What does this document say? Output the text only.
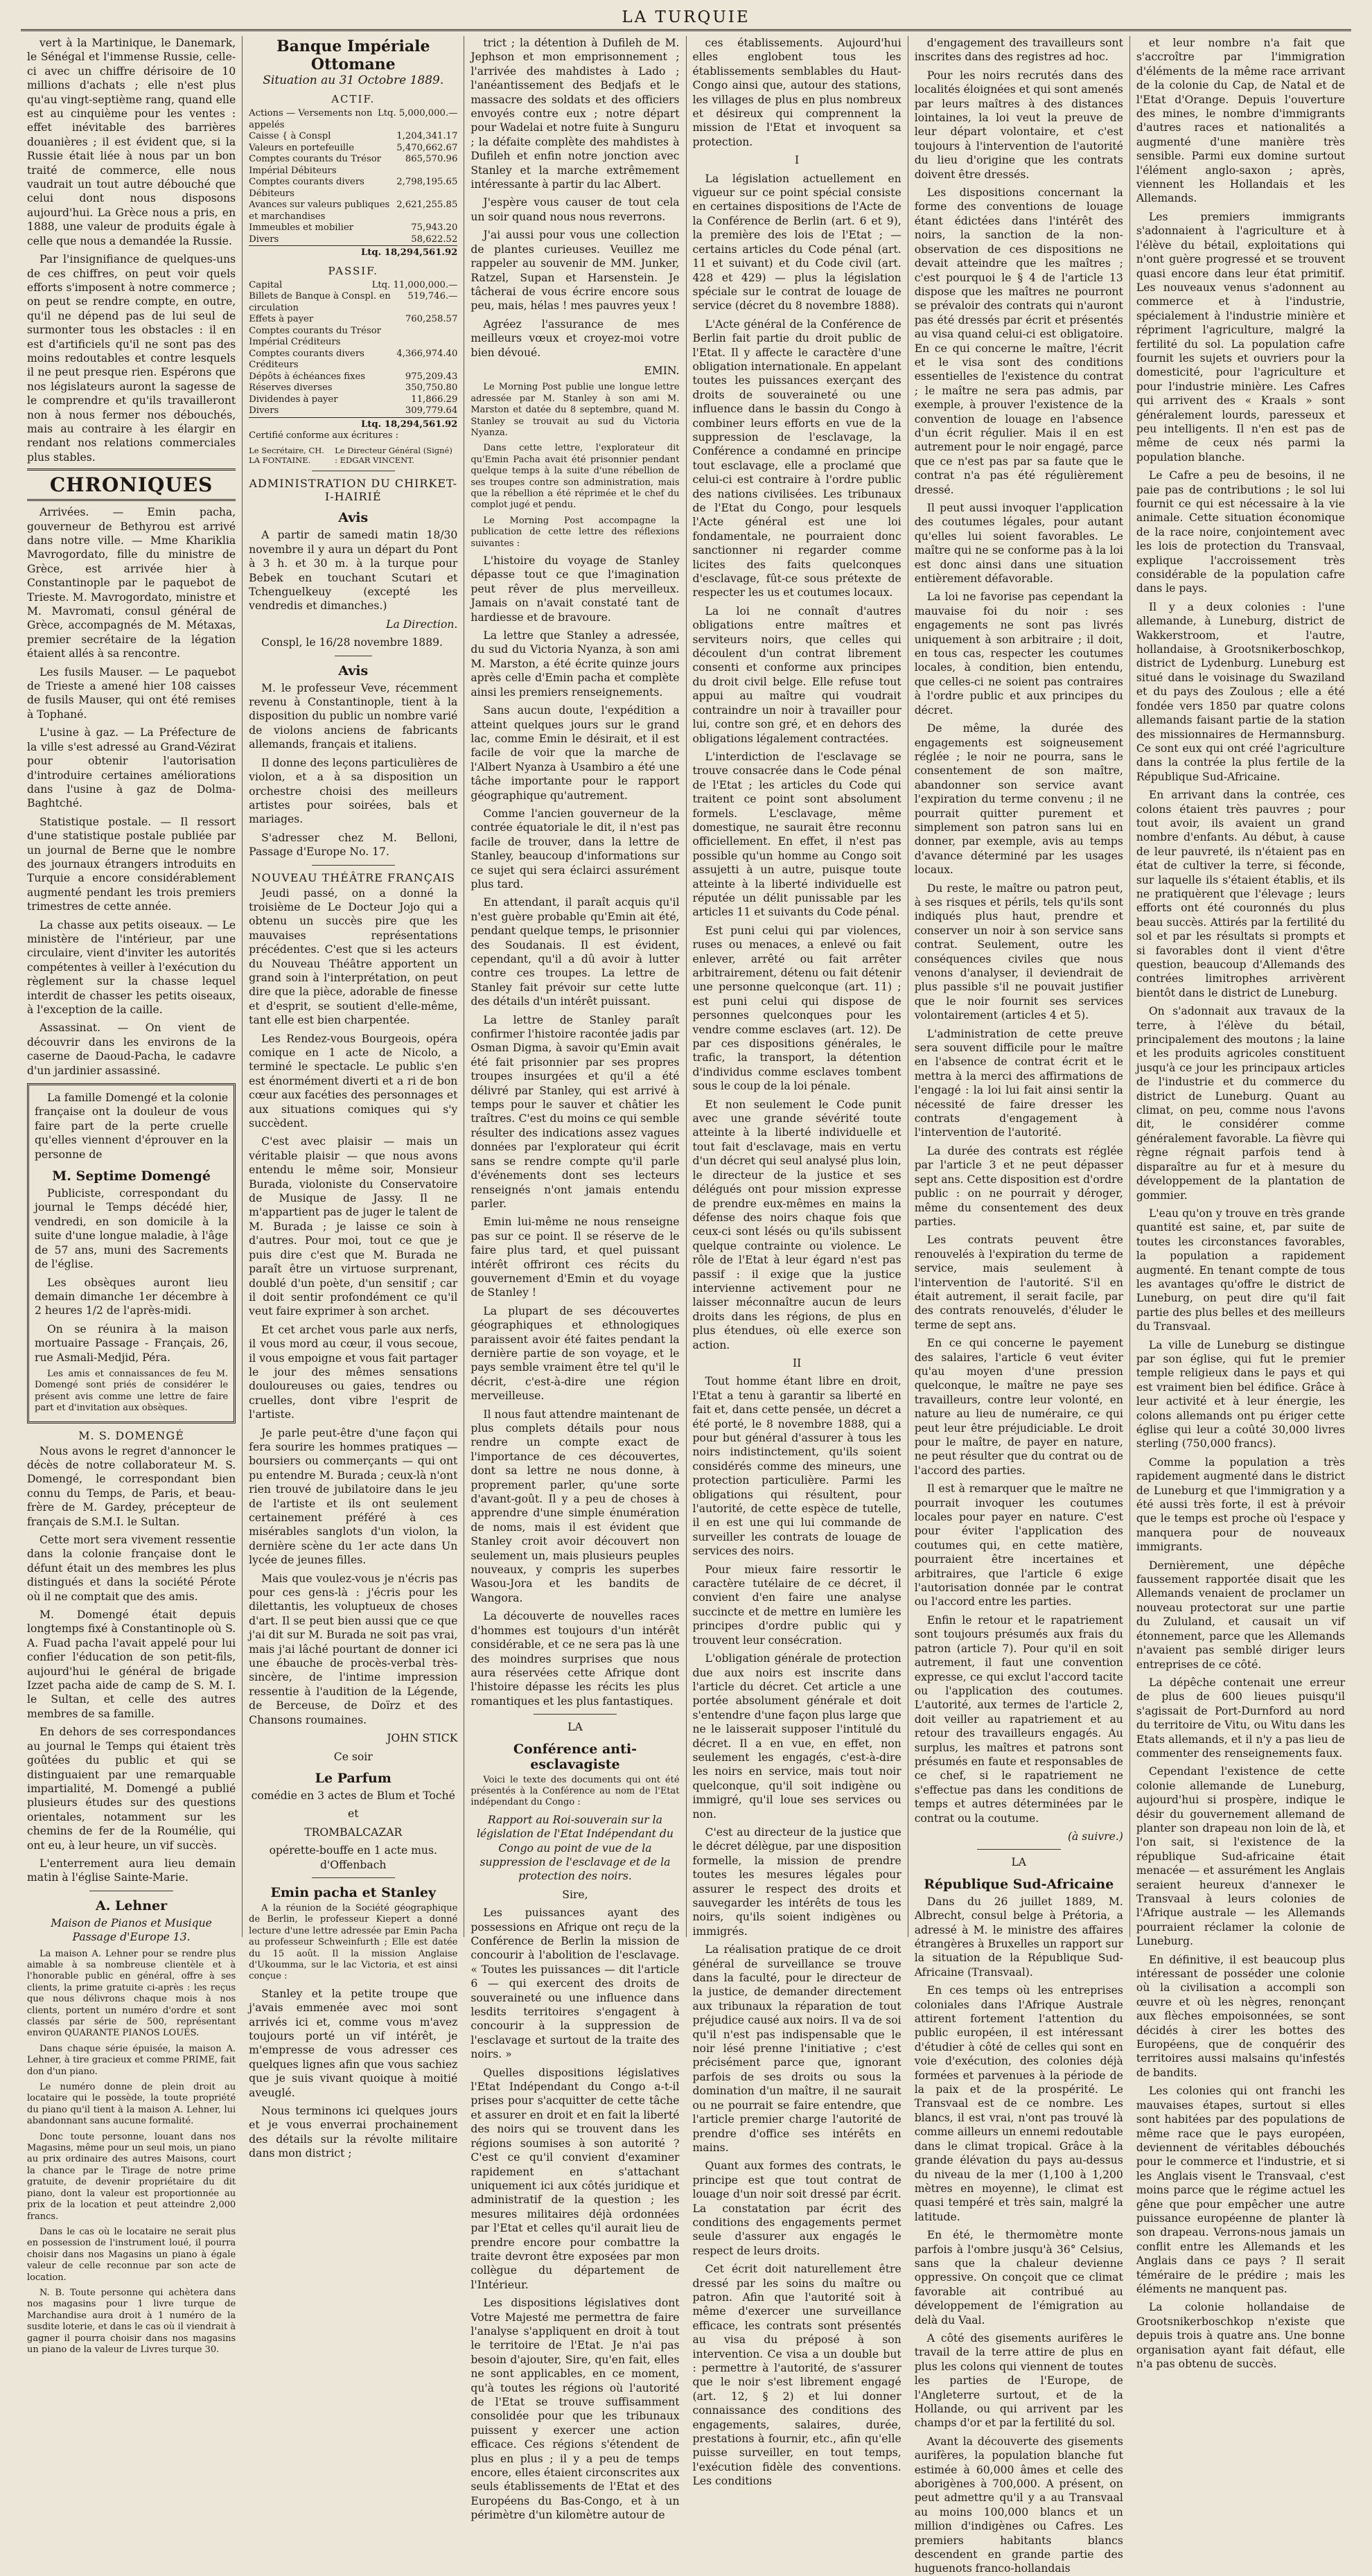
LA TURQUIE

vert à la Martinique, le Danemark, le Sénégal et l'immense Russie, celle-ci avec un chiffre dérisoire de 10 millions d'achats ; elle n'est plus qu'au vingt-septième rang, quand elle est au cinquième pour les ventes : effet inévitable des barrières douanières ; il est évident que, si la Russie était liée à nous par un bon traité de commerce, elle nous vaudrait un tout autre débouché que celui dont nous disposons aujourd'hui. La Grèce nous a pris, en 1888, une valeur de produits égale à celle que nous a demandée la Russie.

Par l'insignifiance de quelques-uns de ces chiffres, on peut voir quels efforts s'imposent à notre commerce ; on peut se rendre compte, en outre, qu'il ne dépend pas de lui seul de surmonter tous les obstacles : il en est d'artificiels qu'il ne sont pas des moins redoutables et contre lesquels il ne peut presque rien. Espérons que nos législateurs auront la sagesse de le comprendre et qu'ils travailleront non à nous fermer nos débouchés, mais au contraire à les élargir en rendant nos relations commerciales plus stables.

CHRONIQUES

Arrivées. — Emin pacha, gouverneur de Bethyrou est arrivé dans notre ville. — Mme Khariklia Mavrogordato, fille du ministre de Grèce, est arrivée hier à Constantinople par le paquebot de Trieste. M. Mavrogordato, ministre et M. Mavromati, consul général de Grèce, accompagnés de M. Métaxas, premier secrétaire de la légation étaient allés à sa rencontre.

Les fusils Mauser. — Le paquebot de Trieste a amené hier 108 caisses de fusils Mauser, qui ont été remises à Tophané.

L'usine à gaz. — La Préfecture de la ville s'est adressé au Grand-Vézirat pour obtenir l'autorisation d'introduire certaines améliorations dans l'usine à gaz de Dolma-Baghtché.

Statistique postale. — Il ressort d'une statistique postale publiée par un journal de Berne que le nombre des journaux étrangers introduits en Turquie a encore considérablement augmenté pendant les trois premiers trimestres de cette année.

La chasse aux petits oiseaux. — Le ministère de l'intérieur, par une circulaire, vient d'inviter les autorités compétentes à veiller à l'exécution du règlement sur la chasse lequel interdit de chasser les petits oiseaux, à l'exception de la caille.

Assassinat. — On vient de découvrir dans les environs de la caserne de Daoud-Pacha, le cadavre d'un jardinier assassiné.

La famille Domengé et la colonie française ont la douleur de vous faire part de la perte cruelle qu'elles viennent d'éprouver en la personne de

M. Septime Domengé

Publiciste, correspondant du journal le Temps décédé hier, vendredi, en son domicile à la suite d'une longue maladie, à l'âge de 57 ans, muni des Sacrements de l'église.

Les obsèques auront lieu demain dimanche 1er décembre à 2 heures 1/2 de l'après-midi.

On se réunira à la maison mortuaire Passage - Français, 26, rue Asmali-Medjid, Péra.

Les amis et connaissances de feu M. Domengé sont priés de considérer le présent avis comme une lettre de faire part et d'invitation aux obsèques.

M. S. DOMENGÉ

Nous avons le regret d'annoncer le décès de notre collaborateur M. S. Domengé, le correspondant bien connu du Temps, de Paris, et beau-frère de M. Gardey, précepteur de français de S.M.I. le Sultan.

Cette mort sera vivement ressentie dans la colonie française dont le défunt était un des membres les plus distingués et dans la société Pérote où il ne comptait que des amis.

M. Domengé était depuis longtemps fixé à Constantinople où S. A. Fuad pacha l'avait appelé pour lui confier l'éducation de son petit-fils, aujourd'hui le général de brigade Izzet pacha aide de camp de S. M. I. le Sultan, et celle des autres membres de sa famille.

En dehors de ses correspondances au journal le Temps qui étaient très goûtées du public et qui se distinguaient par une remarquable impartialité, M. Domengé a publié plusieurs études sur des questions orientales, notamment sur les chemins de fer de la Roumélie, qui ont eu, à leur heure, un vif succès.

L'enterrement aura lieu demain matin à l'église Sainte-Marie.

A. Lehner

Maison de Pianos et Musique Passage d'Europe 13.

La maison A. Lehner pour se rendre plus aimable à sa nombreuse clientèle et à l'honorable public en général, offre à ses clients, la prime gratuite ci-après : les reçus que nous délivrons chaque mois à nos clients, portent un numéro d'ordre et sont classés par série de 500, représentant environ QUARANTE PIANOS LOUÉS.

Dans chaque série épuisée, la maison A. Lehner, à tire gracieux et comme PRIME, fait don d'un piano.

Le numéro donne de plein droit au locataire qui le possède, la toute propriété du piano qu'il tient à la maison A. Lehner, lui abandonnant sans aucune formalité.

Donc toute personne, louant dans nos Magasins, même pour un seul mois, un piano au prix ordinaire des autres Maisons, court la chance par le Tirage de notre prime gratuite, de devenir propriétaire du dit piano, dont la valeur est proportionnée au prix de la location et peut atteindre 2,000 francs.

Dans le cas où le locataire ne serait plus en possession de l'instrument loué, il pourra choisir dans nos Magasins un piano à égale valeur de celle reconnue par son acte de location.

N. B. Toute personne qui achètera dans nos magasins pour 1 livre turque de Marchandise aura droit à 1 numéro de la susdite loterie, et dans le cas où il viendrait à gagner il pourra choisir dans nos magasins un piano de la valeur de Livres turque 30.

Banque Impériale Ottomane
Situation au 31 Octobre 1889.
ACTIF.
Actions — Versements non appelés
Ltq. 5,000,000.—
Caisse { à Conspl	1,204,341.17
Valeurs en portefeuille	5,470,662.67
Comptes courants du Trésor Impérial Débiteurs
865,570.96
Comptes courants divers Débiteurs
2,798,195.65
Avances sur valeurs publiques et marchandises
2,621,255.85
Immeubles et mobilier	75,943.20
Divers	58,622.52
Ltq. 18,294,561.92
PASSIF.
Capital	Ltq. 11,000,000.—
Billets de Banque à Conspl. en circulation
519,746.—
Effets à payer	760,258.57
Comptes courants du Trésor Impérial Créditeurs
Comptes courants divers Créditeurs
4,366,974.40
Dépôts à échéances fixes	975,209.43
Réserves diverses	350,750.80
Dividendes à payer	11,866.29
Divers	309,779.64
Ltq. 18,294,561.92

Certifié conforme aux écritures :

Le Secrétaire, CH. LA FONTAINE.
Le Directeur Général (Signé) : EDGAR VINCENT.
ADMINISTRATION DU CHIRKET-I-HAIRIÉ
Avis

A partir de samedi matin 18/30 novembre il y aura un départ du Pont à 3 h. et 30 m. à la turque pour Bebek en touchant Scutari et Tchenguelkeuy (excepté les vendredis et dimanches.)

La Direction.

Conspl, le 16/28 novembre 1889.

Avis

M. le professeur Veve, récemment revenu à Constantinople, tient à la disposition du public un nombre varié de violons anciens de fabricants allemands, français et italiens.

Il donne des leçons particulières de violon, et a à sa disposition un orchestre choisi des meilleurs artistes pour soirées, bals et mariages.

S'adresser chez M. Belloni, Passage d'Europe No. 17.

NOUVEAU THÉÂTRE FRANÇAIS

Jeudi passé, on a donné la troisième de Le Docteur Jojo qui a obtenu un succès pire que les mauvaises représentations précédentes. C'est que si les acteurs du Nouveau Théâtre apportent un grand soin à l'interprétation, on peut dire que la pièce, adorable de finesse et d'esprit, se soutient d'elle-même, tant elle est bien charpentée.

Les Rendez-vous Bourgeois, opéra comique en 1 acte de Nicolo, a terminé le spectacle. Le public s'en est énormément diverti et a ri de bon cœur aux facéties des personnages et aux situations comiques qui s'y succèdent.

C'est avec plaisir — mais un véritable plaisir — que nous avons entendu le même soir, Monsieur Burada, violoniste du Conservatoire de Musique de Jassy. Il ne m'appartient pas de juger le talent de M. Burada ; je laisse ce soin à d'autres. Pour moi, tout ce que je puis dire c'est que M. Burada ne paraît être un virtuose surprenant, doublé d'un poète, d'un sensitif ; car il doit sentir profondément ce qu'il veut faire exprimer à son archet.

Et cet archet vous parle aux nerfs, il vous mord au cœur, il vous secoue, il vous empoigne et vous fait partager le jour des mêmes sensations douloureuses ou gaies, tendres ou cruelles, dont vibre l'esprit de l'artiste.

Je parle peut-être d'une façon qui fera sourire les hommes pratiques — boursiers ou commerçants — qui ont pu entendre M. Burada ; ceux-là n'ont rien trouvé de jubilatoire dans le jeu de l'artiste et ils ont seulement certainement préféré à ces misérables sanglots d'un violon, la dernière scène du 1er acte dans Un lycée de jeunes filles.

Mais que voulez-vous je n'écris pas pour ces gens-là : j'écris pour les dilettantis, les voluptueux de choses d'art. Il se peut bien aussi que ce que j'ai dit sur M. Burada ne soit pas vrai, mais j'ai lâché pourtant de donner ici une ébauche de procès-verbal très-sincère, de l'intime impression ressentie à l'audition de la Légende, de Berceuse, de Doïrz et des Chansons roumaines.

JOHN STICK

Ce soir

Le Parfum

comédie en 3 actes de Blum et Toché

et

TROMBALCAZAR

opérette-bouffe en 1 acte mus. d'Offenbach

Emin pacha et Stanley

A la réunion de la Société géographique de Berlin, le professeur Kiepert a donné lecture d'une lettre adressée par Emin Pacha au professeur Schweinfurth ; Elle est datée du 15 août. Il la mission Anglaise d'Ukoumma, sur le lac Victoria, et est ainsi conçue :

Stanley et la petite troupe que j'avais emmenée avec moi sont arrivés ici et, comme vous m'avez toujours porté un vif intérêt, je m'empresse de vous adresser ces quelques lignes afin que vous sachiez que je suis vivant quoique à moitié aveuglé.

Nous terminons ici quelques jours et je vous enverrai prochainement des détails sur la révolte militaire dans mon district ;

trict ; la détention à Dufileh de M. Jephson et mon emprisonnement ; l'arrivée des mahdistes à Lado ; l'anéantissement des Bedjafs et le massacre des soldats et des officiers envoyés contre eux ; notre départ pour Wadelai et notre fuite à Sunguru ; la défaite complète des mahdistes à Dufileh et enfin notre jonction avec Stanley et la marche extrêmement intéressante à partir du lac Albert.

J'espère vous causer de tout cela un soir quand nous nous reverrons.

J'ai aussi pour vous une collection de plantes curieuses. Veuillez me rappeler au souvenir de MM. Junker, Ratzel, Supan et Harsenstein. Je tâcherai de vous écrire encore sous peu, mais, hélas ! mes pauvres yeux !

Agréez l'assurance de mes meilleurs vœux et croyez-moi votre bien dévoué.

EMIN.

Le Morning Post publie une longue lettre adressée par M. Stanley à son ami M. Marston et datée du 8 septembre, quand M. Stanley se trouvait au sud du Victoria Nyanza.

Dans cette lettre, l'explorateur dit qu'Emin Pacha avait été prisonnier pendant quelque temps à la suite d'une rébellion de ses troupes contre son administration, mais que la rébellion a été réprimée et le chef du complot jugé et pendu.

Le Morning Post accompagne la publication de cette lettre des réflexions suivantes :

L'histoire du voyage de Stanley dépasse tout ce que l'imagination peut rêver de plus merveilleux. Jamais on n'avait constaté tant de hardiesse et de bravoure.

La lettre que Stanley a adressée, du sud du Victoria Nyanza, à son ami M. Marston, a été écrite quinze jours après celle d'Emin pacha et complète ainsi les premiers renseignements.

Sans aucun doute, l'expédition a atteint quelques jours sur le grand lac, comme Emin le désirait, et il est facile de voir que la marche de l'Albert Nyanza à Usambiro a été une tâche importante pour le rapport géographique qu'autrement.

Comme l'ancien gouverneur de la contrée équatoriale le dit, il n'est pas facile de trouver, dans la lettre de Stanley, beaucoup d'informations sur ce sujet qui sera éclairci assurément plus tard.

En attendant, il paraît acquis qu'il n'est guère probable qu'Emin ait été, pendant quelque temps, le prisonnier des Soudanais. Il est évident, cependant, qu'il a dû avoir à lutter contre ces troupes. La lettre de Stanley fait prévoir sur cette lutte des détails d'un intérêt puissant.

La lettre de Stanley paraît confirmer l'histoire racontée jadis par Osman Digma, à savoir qu'Emin avait été fait prisonnier par ses propres troupes insurgées et qu'il a été délivré par Stanley, qui est arrivé à temps pour le sauver et châtier les traîtres. C'est du moins ce qui semble résulter des indications assez vagues données par l'explorateur qui écrit sans se rendre compte qu'il parle d'événements dont ses lecteurs renseignés n'ont jamais entendu parler.

Emin lui-même ne nous renseigne pas sur ce point. Il se réserve de le faire plus tard, et quel puissant intérêt offriront ces récits du gouvernement d'Emin et du voyage de Stanley !

La plupart de ses découvertes géographiques et ethnologiques paraissent avoir été faites pendant la dernière partie de son voyage, et le pays semble vraiment être tel qu'il le décrit, c'est-à-dire une région merveilleuse.

Il nous faut attendre maintenant de plus complets détails pour nous rendre un compte exact de l'importance de ces découvertes, dont sa lettre ne nous donne, à proprement parler, qu'une sorte d'avant-goût. Il y a peu de choses à apprendre d'une simple énumération de noms, mais il est évident que Stanley croit avoir découvert non seulement un, mais plusieurs peuples nouveaux, y compris les superbes Wasou-Jora et les bandits de Wangora.

La découverte de nouvelles races d'hommes est toujours d'un intérêt considérable, et ce ne sera pas là une des moindres surprises que nous aura réservées cette Afrique dont l'histoire dépasse les récits les plus romantiques et les plus fantastiques.

LA

Conférence anti-esclavagiste

Voici le texte des documents qui ont été présentés à la Conférence au nom de l'Etat indépendant du Congo :

Rapport au Roi-souverain sur la législation de l'Etat Indépendant du Congo au point de vue de la suppression de l'esclavage et de la protection des noirs.

Sire,

Les puissances ayant des possessions en Afrique ont reçu de la Conférence de Berlin la mission de concourir à l'abolition de l'esclavage. « Toutes les puissances — dit l'article 6 — qui exercent des droits de souveraineté ou une influence dans lesdits territoires s'engagent à concourir à la suppression de l'esclavage et surtout de la traite des noirs. »

Quelles dispositions législatives l'Etat Indépendant du Congo a-t-il prises pour s'acquitter de cette tâche et assurer en droit et en fait la liberté des noirs qui se trouvent dans les régions soumises à son autorité ? C'est ce qu'il convient d'examiner rapidement en s'attachant uniquement ici aux côtés juridique et administratif de la question ; les mesures militaires déjà ordonnées par l'Etat et celles qu'il aurait lieu de prendre encore pour combattre la traite devront être exposées par mon collègue du département de l'Intérieur.

Les dispositions législatives dont Votre Majesté me permettra de faire l'analyse s'appliquent en droit à tout le territoire de l'Etat. Je n'ai pas besoin d'ajouter, Sire, qu'en fait, elles ne sont applicables, en ce moment, qu'à toutes les régions où l'autorité de l'Etat se trouve suffisamment consolidée pour que les tribunaux puissent y exercer une action efficace. Ces régions s'étendent de plus en plus ; il y a peu de temps encore, elles étaient circonscrites aux seuls établissements de l'Etat et des Européens du Bas-Congo, et à un périmètre d'un kilomètre autour de

ces établissements. Aujourd'hui elles englobent tous les établissements semblables du Haut-Congo ainsi que, autour des stations, les villages de plus en plus nombreux et désireux qui comprennent la mission de l'Etat et invoquent sa protection.

I

La législation actuellement en vigueur sur ce point spécial consiste en certaines dispositions de l'Acte de la Conférence de Berlin (art. 6 et 9), la première des lois de l'Etat ; — certains articles du Code pénal (art. 11 et suivant) et du Code civil (art. 428 et 429) — plus la législation spéciale sur le contrat de louage de service (décret du 8 novembre 1888).

L'Acte général de la Conférence de Berlin fait partie du droit public de l'Etat. Il y affecte le caractère d'une obligation internationale. En appelant toutes les puissances exerçant des droits de souveraineté ou une influence dans le bassin du Congo à combiner leurs efforts en vue de la suppression de l'esclavage, la Conférence a condamné en principe tout esclavage, elle a proclamé que celui-ci est contraire à l'ordre public des nations civilisées. Les tribunaux de l'Etat du Congo, pour lesquels l'Acte général est une loi fondamentale, ne pourraient donc sanctionner ni regarder comme licites des faits quelconques d'esclavage, fût-ce sous prétexte de respecter les us et coutumes locaux.

La loi ne connaît d'autres obligations entre maîtres et serviteurs noirs, que celles qui découlent d'un contrat librement consenti et conforme aux principes du droit civil belge. Elle refuse tout appui au maître qui voudrait contraindre un noir à travailler pour lui, contre son gré, et en dehors des obligations légalement contractées.

L'interdiction de l'esclavage se trouve consacrée dans le Code pénal de l'Etat ; les articles du Code qui traitent ce point sont absolument formels. L'esclavage, même domestique, ne saurait être reconnu officiellement. En effet, il n'est pas possible qu'un homme au Congo soit assujetti à un autre, puisque toute atteinte à la liberté individuelle est réputée un délit punissable par les articles 11 et suivants du Code pénal.

Est puni celui qui par violences, ruses ou menaces, a enlevé ou fait enlever, arrêté ou fait arrêter arbitrairement, détenu ou fait détenir une personne quelconque (art. 11) ; est puni celui qui dispose de personnes quelconques pour les vendre comme esclaves (art. 12). De par ces dispositions générales, le trafic, la transport, la détention d'individus comme esclaves tombent sous le coup de la loi pénale.

Et non seulement le Code punit avec une grande sévérité toute atteinte à la liberté individuelle et tout fait d'esclavage, mais en vertu d'un décret qui seul analysé plus loin, le directeur de la justice et ses délégués ont pour mission expresse de prendre eux-mêmes en mains la défense des noirs chaque fois que ceux-ci sont lésés ou qu'ils subissent quelque contrainte ou violence. Le rôle de l'Etat à leur égard n'est pas passif : il exige que la justice intervienne activement pour ne laisser méconnaître aucun de leurs droits dans les régions, de plus en plus étendues, où elle exerce son action.

II

Tout homme étant libre en droit, l'Etat a tenu à garantir sa liberté en fait et, dans cette pensée, un décret a été porté, le 8 novembre 1888, qui a pour but général d'assurer à tous les noirs indistinctement, qu'ils soient considérés comme des mineurs, une protection particulière. Parmi les obligations qui résultent, pour l'autorité, de cette espèce de tutelle, il en est une qui lui commande de surveiller les contrats de louage de services des noirs.

Pour mieux faire ressortir le caractère tutélaire de ce décret, il convient d'en faire une analyse succincte et de mettre en lumière les principes d'ordre public qui y trouvent leur consécration.

L'obligation générale de protection due aux noirs est inscrite dans l'article du décret. Cet article a une portée absolument générale et doit s'entendre d'une façon plus large que ne le laisserait supposer l'intitulé du décret. Il a en vue, en effet, non seulement les engagés, c'est-à-dire les noirs en service, mais tout noir quelconque, qu'il soit indigène ou immigré, qu'il loue ses services ou non.

C'est au directeur de la justice que le décret délègue, par une disposition formelle, la mission de prendre toutes les mesures légales pour assurer le respect des droits et sauvegarder les intérêts de tous les noirs, qu'ils soient indigènes ou immigrés.

La réalisation pratique de ce droit général de surveillance se trouve dans la faculté, pour le directeur de la justice, de demander directement aux tribunaux la réparation de tout préjudice causé aux noirs. Il va de soi qu'il n'est pas indispensable que le noir lésé prenne l'initiative ; c'est précisément parce que, ignorant parfois de ses droits ou sous la domination d'un maître, il ne saurait ou ne pourrait se faire entendre, que l'article premier charge l'autorité de prendre d'office ses intérêts en mains.

Quant aux formes des contrats, le principe est que tout contrat de louage d'un noir soit dressé par écrit. La constatation par écrit des conditions des engagements permet seule d'assurer aux engagés le respect de leurs droits.

Cet écrit doit naturellement être dressé par les soins du maître ou patron. Afin que l'autorité soit à même d'exercer une surveillance efficace, les contrats sont présentés au visa du préposé à son intervention. Ce visa a un double but : permettre à l'autorité, de s'assurer que le noir s'est librement engagé (art. 12, § 2) et lui donner connaissance des conditions des engagements, salaires, durée, prestations à fournir, etc., afin qu'elle puisse surveiller, en tout temps, l'exécution fidèle des conventions. Les conditions

d'engagement des travailleurs sont inscrites dans des registres ad hoc.

Pour les noirs recrutés dans des localités éloignées et qui sont amenés par leurs maîtres à des distances lointaines, la loi veut la preuve de leur départ volontaire, et c'est toujours à l'intervention de l'autorité du lieu d'origine que les contrats doivent être dressés.

Les dispositions concernant la forme des conventions de louage étant édictées dans l'intérêt des noirs, la sanction de la non-observation de ces dispositions ne devait atteindre que les maîtres ; c'est pourquoi le § 4 de l'article 13 dispose que les maîtres ne pourront se prévaloir des contrats qui n'auront pas été dressés par écrit et présentés au visa quand celui-ci est obligatoire. En ce qui concerne le maître, l'écrit et le visa sont des conditions essentielles de l'existence du contrat ; le maître ne sera pas admis, par exemple, à prouver l'existence de la convention de louage en l'absence d'un écrit régulier. Mais il en est autrement pour le noir engagé, parce que ce n'est pas par sa faute que le contrat n'a pas été régulièrement dressé.

Il peut aussi invoquer l'application des coutumes légales, pour autant qu'elles lui soient favorables. Le maître qui ne se conforme pas à la loi est donc ainsi dans une situation entièrement défavorable.

La loi ne favorise pas cependant la mauvaise foi du noir : ses engagements ne sont pas livrés uniquement à son arbitraire ; il doit, en tous cas, respecter les coutumes locales, à condition, bien entendu, que celles-ci ne soient pas contraires à l'ordre public et aux principes du décret.

De même, la durée des engagements est soigneusement réglée ; le noir ne pourra, sans le consentement de son maître, abandonner son service avant l'expiration du terme convenu ; il ne pourrait quitter purement et simplement son patron sans lui en donner, par exemple, avis au temps d'avance déterminé par les usages locaux.

Du reste, le maître ou patron peut, à ses risques et périls, tels qu'ils sont indiqués plus haut, prendre et conserver un noir à son service sans contrat. Seulement, outre les conséquences civiles que nous venons d'analyser, il deviendrait de plus passible s'il ne pouvait justifier que le noir fournit ses services volontairement (articles 4 et 5).

L'administration de cette preuve sera souvent difficile pour le maître en l'absence de contrat écrit et le mettra à la merci des affirmations de l'engagé : la loi lui fait ainsi sentir la nécessité de faire dresser les contrats d'engagement à l'intervention de l'autorité.

La durée des contrats est réglée par l'article 3 et ne peut dépasser sept ans. Cette disposition est d'ordre public : on ne pourrait y déroger, même du consentement des deux parties.

Les contrats peuvent être renouvelés à l'expiration du terme de service, mais seulement à l'intervention de l'autorité. S'il en était autrement, il serait facile, par des contrats renouvelés, d'éluder le terme de sept ans.

En ce qui concerne le payement des salaires, l'article 6 veut éviter qu'au moyen d'une pression quelconque, le maître ne paye ses travailleurs, contre leur volonté, en nature au lieu de numéraire, ce qui peut leur être préjudiciable. Le droit pour le maître, de payer en nature, ne peut résulter que du contrat ou de l'accord des parties.

Il est à remarquer que le maître ne pourrait invoquer les coutumes locales pour payer en nature. C'est pour éviter l'application des coutumes qui, en cette matière, pourraient être incertaines et arbitraires, que l'article 6 exige l'autorisation donnée par le contrat ou l'accord entre les parties.

Enfin le retour et le rapatriement sont toujours présumés aux frais du patron (article 7). Pour qu'il en soit autrement, il faut une convention expresse, ce qui exclut l'accord tacite ou l'application des coutumes. L'autorité, aux termes de l'article 2, doit veiller au rapatriement et au retour des travailleurs engagés. Au surplus, les maîtres et patrons sont présumés en faute et responsables de ce chef, si le rapatriement ne s'effectue pas dans les conditions de temps et autres déterminées par le contrat ou la coutume.

(à suivre.)

LA

République Sud-Africaine

Dans du 26 juillet 1889, M. Albrecht, consul belge à Prétoria, a adressé à M. le ministre des affaires étrangères à Bruxelles un rapport sur la situation de la République Sud-Africaine (Transvaal).

En ces temps où les entreprises coloniales dans l'Afrique Australe attirent fortement l'attention du public européen, il est intéressant d'étudier à côté de celles qui sont en voie d'exécution, des colonies déjà formées et parvenues à la période de la paix et de la prospérité. Le Transvaal est de ce nombre. Les blancs, il est vrai, n'ont pas trouvé là comme ailleurs un ennemi redoutable dans le climat tropical. Grâce à la grande élévation du pays au-dessus du niveau de la mer (1,100 à 1,200 mètres en moyenne), le climat est quasi tempéré et très sain, malgré la latitude.

En été, le thermomètre monte parfois à l'ombre jusqu'à 36° Celsius, sans que la chaleur devienne oppressive. On conçoit que ce climat favorable ait contribué au développement de l'émigration au delà du Vaal.

A côté des gisements aurifères le travail de la terre attire de plus en plus les colons qui viennent de toutes les parties de l'Europe, de l'Angleterre surtout, et de la Hollande, ou qui arrivent par les champs d'or et par la fertilité du sol.

Avant la découverte des gisements aurifères, la population blanche fut estimée à 60,000 âmes et celle des aborigènes à 700,000. A présent, on peut admettre qu'il y a au Transvaal au moins 100,000 blancs et un million d'indigènes ou Cafres. Les premiers habitants blancs descendent en grande partie des huguenots franco-hollandais

et leur nombre n'a fait que s'accroître par l'immigration d'éléments de la même race arrivant de la colonie du Cap, de Natal et de l'Etat d'Orange. Depuis l'ouverture des mines, le nombre d'immigrants d'autres races et nationalités a augmenté d'une manière très sensible. Parmi eux domine surtout l'élément anglo-saxon ; après, viennent les Hollandais et les Allemands.

Les premiers immigrants s'adonnaient à l'agriculture et à l'élève du bétail, exploitations qui n'ont guère progressé et se trouvent quasi encore dans leur état primitif. Les nouveaux venus s'adonnent au commerce et à l'industrie, spécialement à l'industrie minière et répriment l'agriculture, malgré la fertilité du sol. La population cafre fournit les sujets et ouvriers pour la domesticité, pour l'agriculture et pour l'industrie minière. Les Cafres qui arrivent des « Kraals » sont généralement lourds, paresseux et peu intelligents. Il n'en est pas de même de ceux nés parmi la population blanche.

Le Cafre a peu de besoins, il ne paie pas de contributions ; le sol lui fournit ce qui est nécessaire à la vie animale. Cette situation économique de la race noire, conjointement avec les lois de protection du Transvaal, explique l'accroissement très considérable de la population cafre dans le pays.

Il y a deux colonies : l'une allemande, à Luneburg, district de Wakkerstroom, et l'autre, hollandaise, à Grootsnikerboschkop, district de Lydenburg. Luneburg est situé dans le voisinage du Swaziland et du pays des Zoulous ; elle a été fondée vers 1850 par quatre colons allemands faisant partie de la station des missionnaires de Hermannsburg. Ce sont eux qui ont créé l'agriculture dans la contrée la plus fertile de la République Sud-Africaine.

En arrivant dans la contrée, ces colons étaient très pauvres ; pour tout avoir, ils avaient un grand nombre d'enfants. Au début, à cause de leur pauvreté, ils n'étaient pas en état de cultiver la terre, si féconde, sur laquelle ils s'étaient établis, et ils ne pratiquèrent que l'élevage ; leurs efforts ont été couronnés du plus beau succès. Attirés par la fertilité du sol et par les résultats si prompts et si favorables dont il vient d'être question, beaucoup d'Allemands des contrées limitrophes arrivèrent bientôt dans le district de Luneburg.

On s'adonnait aux travaux de la terre, à l'élève du bétail, principalement des moutons ; la laine et les produits agricoles constituent jusqu'à ce jour les principaux articles de l'industrie et du commerce du district de Luneburg. Quant au climat, on peu, comme nous l'avons dit, le considérer comme généralement favorable. La fièvre qui règne régnait parfois tend à disparaître au fur et à mesure du développement de la plantation de gommier.

L'eau qu'on y trouve en très grande quantité est saine, et, par suite de toutes les circonstances favorables, la population a rapidement augmenté. En tenant compte de tous les avantages qu'offre le district de Luneburg, on peut dire qu'il fait partie des plus belles et des meilleurs du Transvaal.

La ville de Luneburg se distingue par son église, qui fut le premier temple religieux dans le pays et qui est vraiment bien bel édifice. Grâce à leur activité et à leur énergie, les colons allemands ont pu ériger cette église qui leur a coûté 30,000 livres sterling (750,000 francs).

Comme la population a très rapidement augmenté dans le district de Luneburg et que l'immigration y a été aussi très forte, il est à prévoir que le temps est proche où l'espace y manquera pour de nouveaux immigrants.

Dernièrement, une dépêche faussement rapportée disait que les Allemands venaient de proclamer un nouveau protectorat sur une partie du Zululand, et causait un vif étonnement, parce que les Allemands n'avaient pas semblé diriger leurs entreprises de ce côté.

La dépêche contenait une erreur de plus de 600 lieues puisqu'il s'agissait de Port-Durnford au nord du territoire de Vitu, ou Witu dans les Etats allemands, et il n'y a pas lieu de commenter des renseignements faux.

Cependant l'existence de cette colonie allemande de Luneburg, aujourd'hui si prospère, indique le désir du gouvernement allemand de planter son drapeau non loin de là, et l'on sait, si l'existence de la république Sud-africaine était menacée — et assurément les Anglais seraient heureux d'annexer le Transvaal à leurs colonies de l'Afrique australe — les Allemands pourraient réclamer la colonie de Luneburg.

En définitive, il est beaucoup plus intéressant de posséder une colonie où la civilisation a accompli son œuvre et où les nègres, renonçant aux flèches empoisonnées, se sont décidés à cirer les bottes des Européens, que de conquérir des territoires aussi malsains qu'infestés de bandits.

Les colonies qui ont franchi les mauvaises étapes, surtout si elles sont habitées par des populations de même race que le pays européen, deviennent de véritables débouchés pour le commerce et l'industrie, et si les Anglais visent le Transvaal, c'est moins parce que le régime actuel les gêne que pour empêcher une autre puissance européenne de planter là son drapeau. Verrons-nous jamais un conflit entre les Allemands et les Anglais dans ce pays ? Il serait téméraire de le prédire ; mais les éléments ne manquent pas.

La colonie hollandaise de Grootsnikerboschkop n'existe que depuis trois à quatre ans. Une bonne organisation ayant fait défaut, elle n'a pas obtenu de succès.
